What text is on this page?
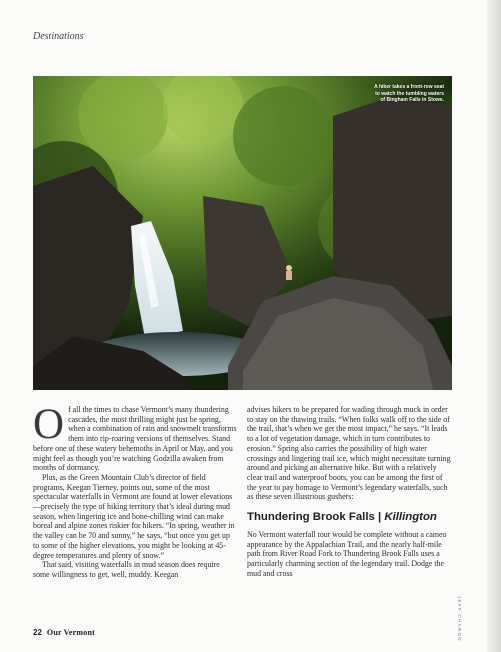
Destinations
A hiker takes a front-row seat to watch the tumbling waters of Bingham Falls in Stowe.

Of all the times to chase Vermont’s many thundering cascades, the most thrilling might just be spring, when a combination of rain and snowmelt transforms them into rip-roaring versions of themselves. Stand before one of these watery behemoths in April or May, and you might feel as though you’re watching Godzilla awaken from months of dormancy.

Plus, as the Green Mountain Club’s director of field programs, Keegan Tierney, points out, some of the most spectacular waterfalls in Vermont are found at lower elevations—precisely the type of hiking territory that’s ideal during mud season, when lingering ice and bone-chilling wind can make boreal and alpine zones riskier for hikers. “In spring, weather in the valley can be 70 and sunny,” he says, “but once you get up to some of the higher elevations, you might be looking at 45-degree temperatures and plenty of snow.”

That said, visiting waterfalls in mud season does require some willingness to get, well, muddy. Keegan

advises hikers to be prepared for wading through muck in order to stay on the thawing trails. “When folks walk off to the side of the trail, that’s when we get the most impact,” he says. “It leads to a lot of vegetation damage, which in turn contributes to erosion.” Spring also carries the possibility of high water crossings and lingering trail ice, which might necessitate turning around and picking an alternative hike. But with a relatively clear trail and waterproof boots, you can be among the first of the year to pay homage to Vermont’s legendary waterfalls, such as these seven illustrious gushers:

Thundering Brook Falls | Killington

No Vermont waterfall tour would be complete without a cameo appearance by the Appalachian Trail, and the nearly half-mile path from River Road Fork to Thundering Brook Falls uses a particularly charming section of the legendary trail. Dodge the mud and cross

JEFF CHARON
22 Our Vermont
